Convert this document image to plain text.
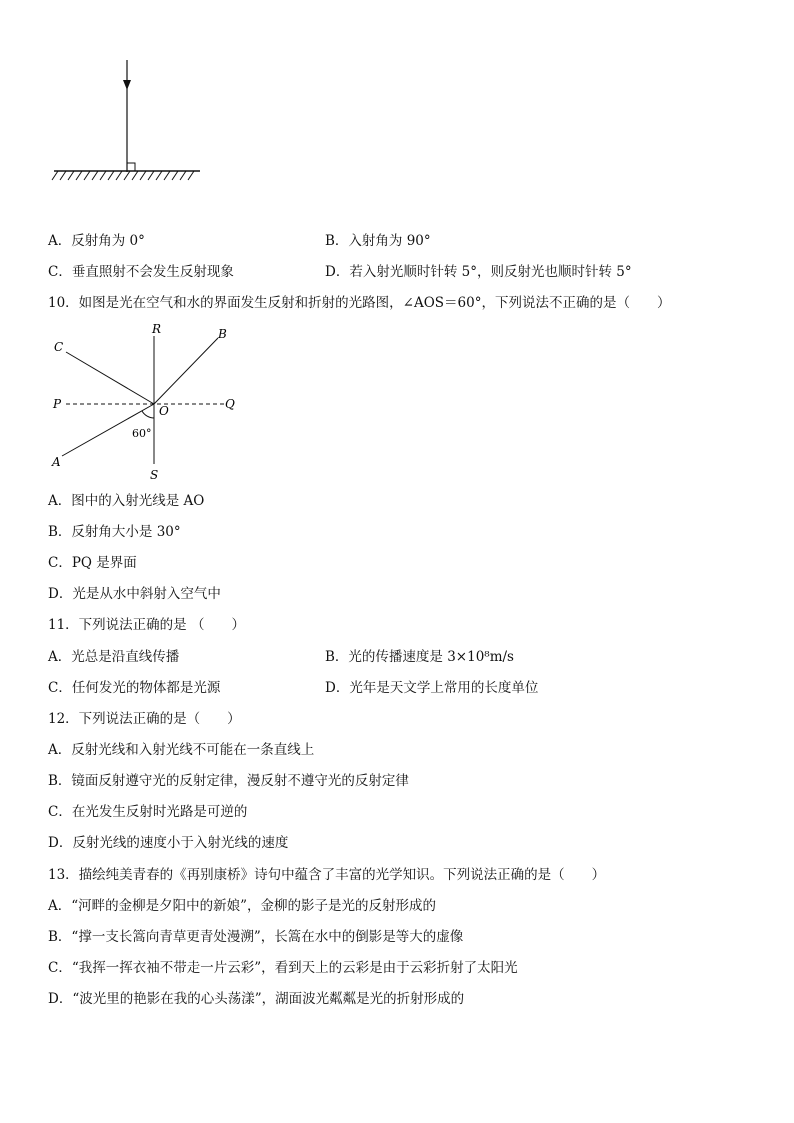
A．反射角为 0°	B．入射角为 90°
C．垂直照射不会发生反射现象	D．若入射光顺时针转 5°，则反射光也顺时针转 5°
10．如图是光在空气和水的界面发生反射和折射的光路图，∠AOS＝60°，下列说法不正确的是（　　）
R	B
C
P	O	Q
60°
A
S
A．图中的入射光线是 AO
B．反射角大小是 30°
C．PQ 是界面
D．光是从水中斜射入空气中
11．下列说法正确的是 （　　）
A．光总是沿直线传播	B．光的传播速度是 3×10⁸m/s
C．任何发光的物体都是光源	D．光年是天文学上常用的长度单位
12．下列说法正确的是（　　）
A．反射光线和入射光线不可能在一条直线上
B．镜面反射遵守光的反射定律，漫反射不遵守光的反射定律
C．在光发生反射时光路是可逆的
D．反射光线的速度小于入射光线的速度
13．描绘纯美青春的《再别康桥》诗句中蕴含了丰富的光学知识。下列说法正确的是（　　）
A．“河畔的金柳是夕阳中的新娘”，金柳的影子是光的反射形成的
B．“撑一支长篙向青草更青处漫溯”，长篙在水中的倒影是等大的虚像
C．“我挥一挥衣袖不带走一片云彩”，看到天上的云彩是由于云彩折射了太阳光
D．“波光里的艳影在我的心头荡漾”，湖面波光粼粼是光的折射形成的
